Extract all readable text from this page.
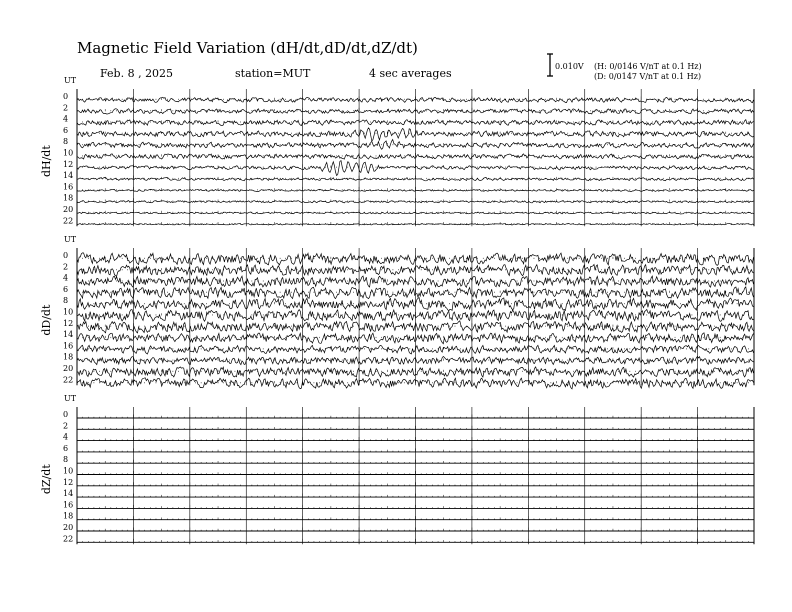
Magnetic Field Variation (dH/dt,dD/dt,dZ/dt)
Feb. 8 , 2025	station=MUT	4 sec averages
0.010V (H: 0/0146 V/nT at 0.1 Hz)
(D: 0/0147 V/nT at 0.1 Hz)
UT
dH/dt
0
2
4
6
8
10
12
14
16
18
20
22
UT
dD/dt
0
2
4
6
8
10
12
14
16
18
20
22
UT
dZ/dt
0
2
4
6
8
10
12
14
16
18
20
22
